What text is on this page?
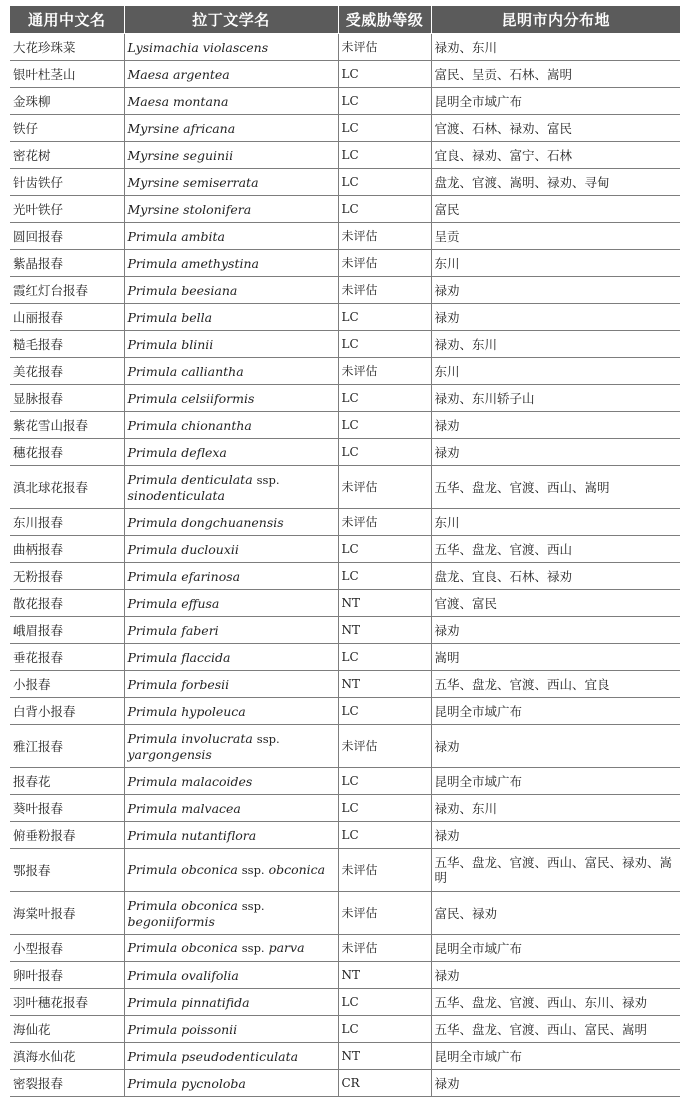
通用中文名	拉丁文学名	受威胁等级	昆明市内分布地
大花珍珠菜	Lysimachia violascens	未评估	禄劝、东川
银叶杜茎山	Maesa argentea	LC	富民、呈贡、石林、嵩明
金珠柳	Maesa montana	LC	昆明全市域广布
铁仔	Myrsine africana	LC	官渡、石林、禄劝、富民
密花树	Myrsine seguinii	LC	宜良、禄劝、富宁、石林
针齿铁仔	Myrsine semiserrata	LC	盘龙、官渡、嵩明、禄劝、寻甸
光叶铁仔	Myrsine stolonifera	LC	富民
圆回报春	Primula ambita	未评估	呈贡
紫晶报春	Primula amethystina	未评估	东川
霞红灯台报春	Primula beesiana	未评估	禄劝
山丽报春	Primula bella	LC	禄劝
糙毛报春	Primula blinii	LC	禄劝、东川
美花报春	Primula calliantha	未评估	东川
显脉报春	Primula celsiiformis	LC	禄劝、东川轿子山
紫花雪山报春	Primula chionantha	LC	禄劝
穗花报春	Primula deflexa	LC	禄劝
滇北球花报春	Primula denticulata ssp. sinodenticulata	未评估	五华、盘龙、官渡、西山、嵩明
东川报春	Primula dongchuanensis	未评估	东川
曲柄报春	Primula duclouxii	LC	五华、盘龙、官渡、西山
无粉报春	Primula efarinosa	LC	盘龙、宜良、石林、禄劝
散花报春	Primula effusa	NT	官渡、富民
峨眉报春	Primula faberi	NT	禄劝
垂花报春	Primula flaccida	LC	嵩明
小报春	Primula forbesii	NT	五华、盘龙、官渡、西山、宜良
白背小报春	Primula hypoleuca	LC	昆明全市域广布
雅江报春	Primula involucrata ssp. yargongensis	未评估	禄劝
报春花	Primula malacoides	LC	昆明全市域广布
葵叶报春	Primula malvacea	LC	禄劝、东川
俯垂粉报春	Primula nutantiflora	LC	禄劝
鄂报春	Primula obconica ssp. obconica	未评估	五华、盘龙、官渡、西山、富民、禄劝、嵩明
海棠叶报春	Primula obconica ssp. begoniiformis	未评估	富民、禄劝
小型报春	Primula obconica ssp. parva	未评估	昆明全市域广布
卵叶报春	Primula ovalifolia	NT	禄劝
羽叶穗花报春	Primula pinnatifida	LC	五华、盘龙、官渡、西山、东川、禄劝
海仙花	Primula poissonii	LC	五华、盘龙、官渡、西山、富民、嵩明
滇海水仙花	Primula pseudodenticulata	NT	昆明全市域广布
密裂报春	Primula pycnoloba	CR	禄劝
